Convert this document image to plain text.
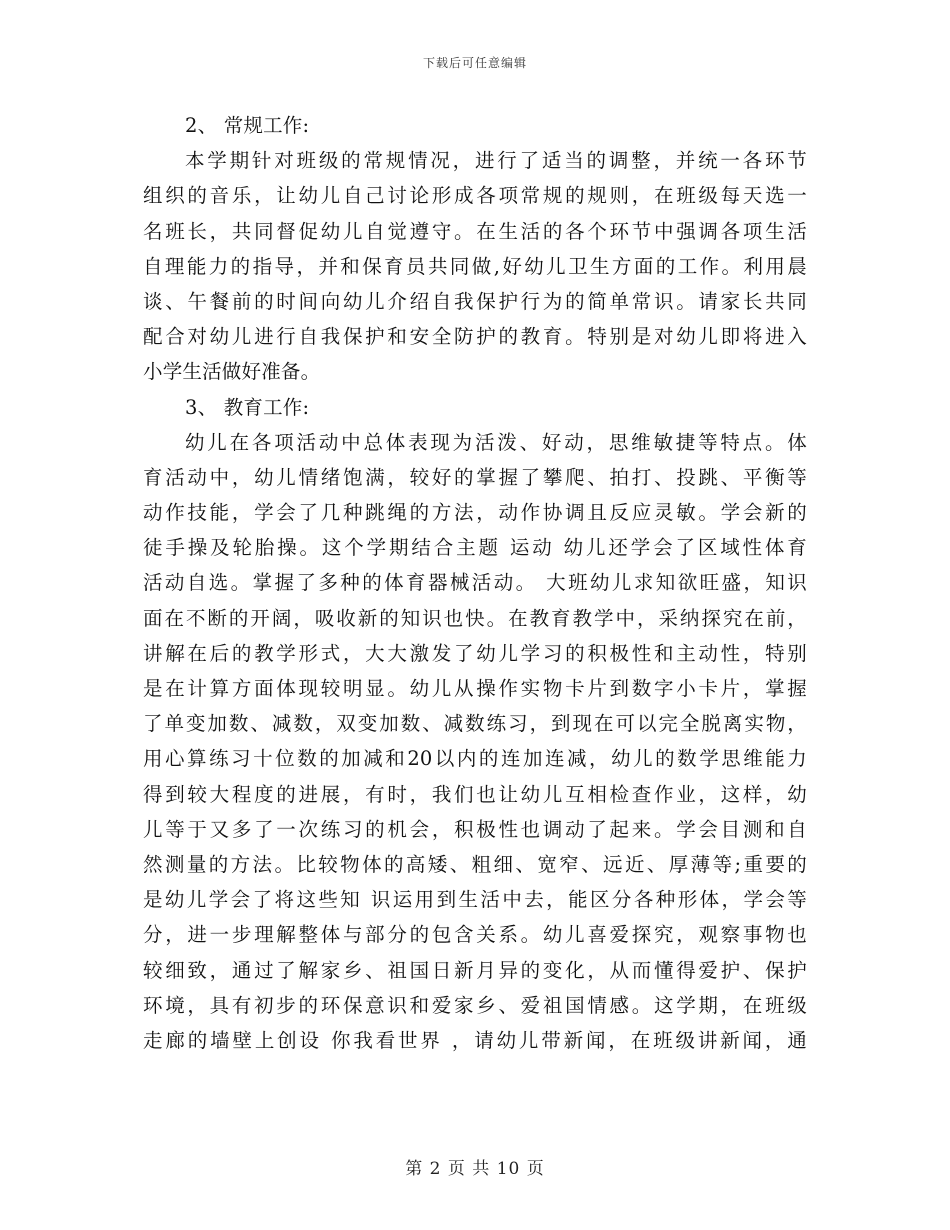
下载后可任意编辑
2、 常规工作:
本学期针对班级的常规情况，进行了适当的调整，并统一各环节
组织的音乐，让幼儿自己讨论形成各项常规的规则，在班级每天选一
名班长，共同督促幼儿自觉遵守。在生活的各个环节中强调各项生活
自理能力的指导，并和保育员共同做,好幼儿卫生方面的工作。利用晨
谈、午餐前的时间向幼儿介绍自我保护行为的简单常识。请家长共同
配合对幼儿进行自我保护和安全防护的教育。特别是对幼儿即将进入
小学生活做好准备。
3、 教育工作:
幼儿在各项活动中总体表现为活泼、好动，思维敏捷等特点。体
育活动中，幼儿情绪饱满，较好的掌握了攀爬、拍打、投跳、平衡等
动作技能，学会了几种跳绳的方法，动作协调且反应灵敏。学会新的
徒手操及轮胎操。这个学期结合主题 运动 幼儿还学会了区域性体育
活动自选。掌握了多种的体育器械活动。 大班幼儿求知欲旺盛，知识
面在不断的开阔，吸收新的知识也快。在教育教学中，采纳探究在前，
讲解在后的教学形式，大大激发了幼儿学习的积极性和主动性，特别
是在计算方面体现较明显。幼儿从操作实物卡片到数字小卡片，掌握
了单变加数、减数，双变加数、减数练习，到现在可以完全脱离实物，
用心算练习十位数的加减和20以内的连加连减，幼儿的数学思维能力
得到较大程度的进展，有时，我们也让幼儿互相检查作业，这样，幼
儿等于又多了一次练习的机会，积极性也调动了起来。学会目测和自
然测量的方法。比较物体的高矮、粗细、宽窄、远近、厚薄等;重要的
是幼儿学会了将这些知 识运用到生活中去，能区分各种形体，学会等
分，进一步理解整体与部分的包含关系。幼儿喜爱探究，观察事物也
较细致，通过了解家乡、祖国日新月异的变化，从而懂得爱护、保护
环境，具有初步的环保意识和爱家乡、爱祖国情感。这学期，在班级
走廊的墙壁上创设 你我看世界 ，请幼儿带新闻，在班级讲新闻，通
第 2 页 共 10 页
